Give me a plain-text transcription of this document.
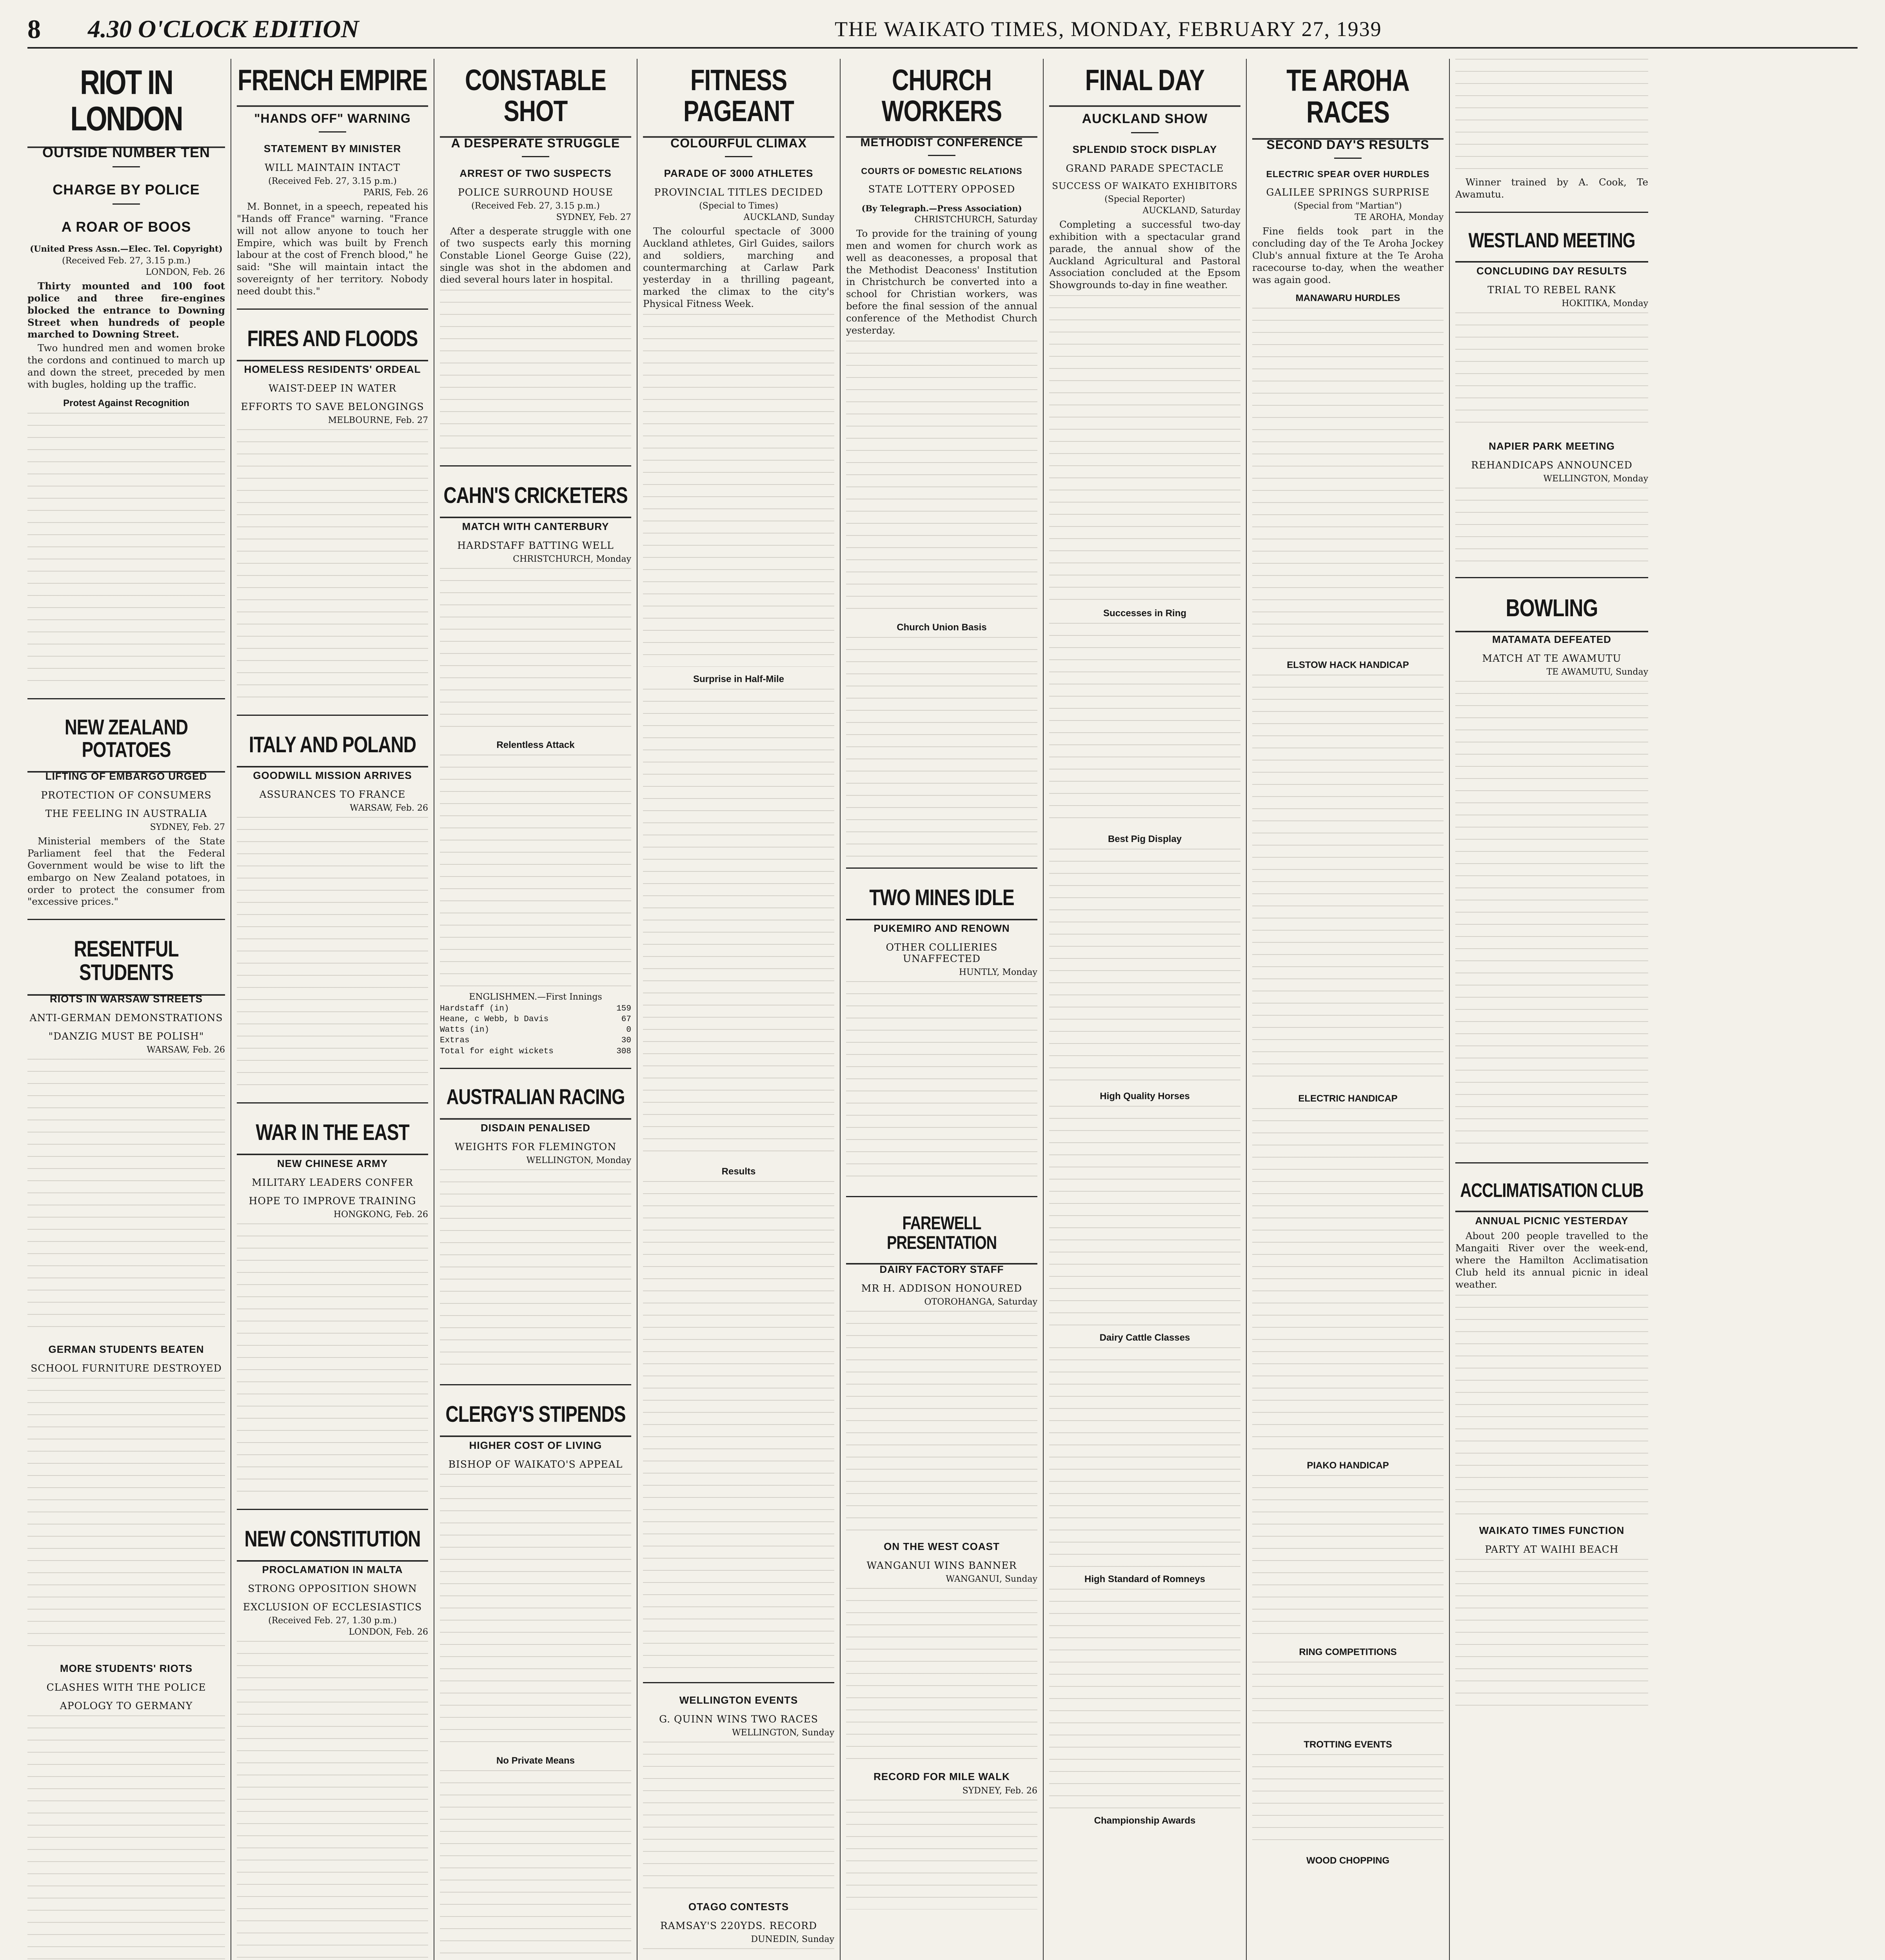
8 4.30 O'CLOCK EDITION	THE WAIKATO TIMES, MONDAY, FEBRUARY 27, 1939
RIOT IN LONDON
OUTSIDE NUMBER TEN
CHARGE BY POLICE
A ROAR OF BOOS
(United Press Assn.—Elec. Tel. Copyright)
(Received Feb. 27, 3.15 p.m.)
LONDON, Feb. 26

Thirty mounted and 100 foot police and three fire-engines blocked the entrance to Downing Street when hundreds of people marched to Downing Street.

Two hundred men and women broke the cordons and continued to march up and down the street, preceded by men with bugles, holding up the traffic.

Protest Against Recognition
NEW ZEALAND POTATOES
LIFTING OF EMBARGO URGED
PROTECTION OF CONSUMERS
THE FEELING IN AUSTRALIA
SYDNEY, Feb. 27

Ministerial members of the State Parliament feel that the Federal Government would be wise to lift the embargo on New Zealand potatoes, in order to protect the consumer from "excessive prices."

RESENTFUL STUDENTS
RIOTS IN WARSAW STREETS
ANTI-GERMAN DEMONSTRATIONS
"DANZIG MUST BE POLISH"
WARSAW, Feb. 26
GERMAN STUDENTS BEATEN
SCHOOL FURNITURE DESTROYED
MORE STUDENTS' RIOTS
CLASHES WITH THE POLICE
APOLOGY TO GERMANY

FRENCH EMPIRE
"HANDS OFF" WARNING
STATEMENT BY MINISTER
WILL MAINTAIN INTACT
(Received Feb. 27, 3.15 p.m.)
PARIS, Feb. 26

M. Bonnet, in a speech, repeated his "Hands off France" warning. "France will not allow anyone to touch her Empire, which was built by French labour at the cost of French blood," he said: "She will maintain intact the sovereignty of her territory. Nobody need doubt this."

FIRES AND FLOODS
HOMELESS RESIDENTS' ORDEAL
WAIST-DEEP IN WATER
EFFORTS TO SAVE BELONGINGS
MELBOURNE, Feb. 27
ITALY AND POLAND
GOODWILL MISSION ARRIVES
ASSURANCES TO FRANCE
WARSAW, Feb. 26
WAR IN THE EAST
NEW CHINESE ARMY
MILITARY LEADERS CONFER
HOPE TO IMPROVE TRAINING
HONGKONG, Feb. 26
NEW CONSTITUTION
PROCLAMATION IN MALTA
STRONG OPPOSITION SHOWN
EXCLUSION OF ECCLESIASTICS
(Received Feb. 27, 1.30 p.m.)
LONDON, Feb. 26
CONSTABLE SHOT
A DESPERATE STRUGGLE
ARREST OF TWO SUSPECTS
POLICE SURROUND HOUSE
(Received Feb. 27, 3.15 p.m.)
SYDNEY, Feb. 27

After a desperate struggle with one of two suspects early this morning Constable Lionel George Guise (22), single was shot in the abdomen and died several hours later in hospital.

CAHN'S CRICKETERS
MATCH WITH CANTERBURY
HARDSTAFF BATTING WELL
CHRISTCHURCH, Monday
Relentless Attack
ENGLISHMEN.—First Innings
Hardstaff (in)	159
Heane, c Webb, b Davis	67
Watts (in)	0
Extras	30
Total for eight wickets	308
AUSTRALIAN RACING
DISDAIN PENALISED
WEIGHTS FOR FLEMINGTON
WELLINGTON, Monday
CLERGY'S STIPENDS
HIGHER COST OF LIVING
BISHOP OF WAIKATO'S APPEAL
No Private Means
FITNESS PAGEANT
COLOURFUL CLIMAX
PARADE OF 3000 ATHLETES
PROVINCIAL TITLES DECIDED
(Special to Times)
AUCKLAND, Sunday

The colourful spectacle of 3000 Auckland athletes, Girl Guides, sailors and soldiers, marching and countermarching at Carlaw Park yesterday in a thrilling pageant, marked the climax to the city's Physical Fitness Week.

Surprise in Half-Mile
Results
WELLINGTON EVENTS
G. QUINN WINS TWO RACES
WELLINGTON, Sunday
OTAGO CONTESTS
RAMSAY'S 220YDS. RECORD
DUNEDIN, Sunday
CHURCH WORKERS
METHODIST CONFERENCE
COURTS OF DOMESTIC RELATIONS
STATE LOTTERY OPPOSED
(By Telegraph.—Press Association)
CHRISTCHURCH, Saturday

To provide for the training of young men and women for church work as well as deaconesses, a proposal that the Methodist Deaconess' Institution in Christchurch be converted into a school for Christian workers, was before the final session of the annual conference of the Methodist Church yesterday.

Church Union Basis
TWO MINES IDLE
PUKEMIRO AND RENOWN
OTHER COLLIERIES UNAFFECTED
HUNTLY, Monday
FAREWELL PRESENTATION
DAIRY FACTORY STAFF
MR H. ADDISON HONOURED
OTOROHANGA, Saturday
ON THE WEST COAST
WANGANUI WINS BANNER
WANGANUI, Sunday
RECORD FOR MILE WALK
SYDNEY, Feb. 26
FINAL DAY
AUCKLAND SHOW
SPLENDID STOCK DISPLAY
GRAND PARADE SPECTACLE
SUCCESS OF WAIKATO EXHIBITORS
(Special Reporter)
AUCKLAND, Saturday

Completing a successful two-day exhibition with a spectacular grand parade, the annual show of the Auckland Agricultural and Pastoral Association concluded at the Epsom Showgrounds to-day in fine weather.

Successes in Ring
Best Pig Display
High Quality Horses
Dairy Cattle Classes
High Standard of Romneys
Championship Awards
TE AROHA RACES
SECOND DAY'S RESULTS
ELECTRIC SPEAR OVER HURDLES
GALILEE SPRINGS SURPRISE
(Special from "Martian")
TE AROHA, Monday

Fine fields took part in the concluding day of the Te Aroha Jockey Club's annual fixture at the Te Aroha racecourse to-day, when the weather was again good.

MANAWARU HURDLES
ELSTOW HACK HANDICAP
ELECTRIC HANDICAP
PIAKO HANDICAP
RING COMPETITIONS
TROTTING EVENTS
WOOD CHOPPING

Winner trained by A. Cook, Te Awamutu.

WESTLAND MEETING
CONCLUDING DAY RESULTS
TRIAL TO REBEL RANK
HOKITIKA, Monday
NAPIER PARK MEETING
REHANDICAPS ANNOUNCED
WELLINGTON, Monday
BOWLING
MATAMATA DEFEATED
MATCH AT TE AWAMUTU
TE AWAMUTU, Sunday
ACCLIMATISATION CLUB
ANNUAL PICNIC YESTERDAY

About 200 people travelled to the Mangaiti River over the week-end, where the Hamilton Acclimatisation Club held its annual picnic in ideal weather.

WAIKATO TIMES FUNCTION
PARTY AT WAIHI BEACH
